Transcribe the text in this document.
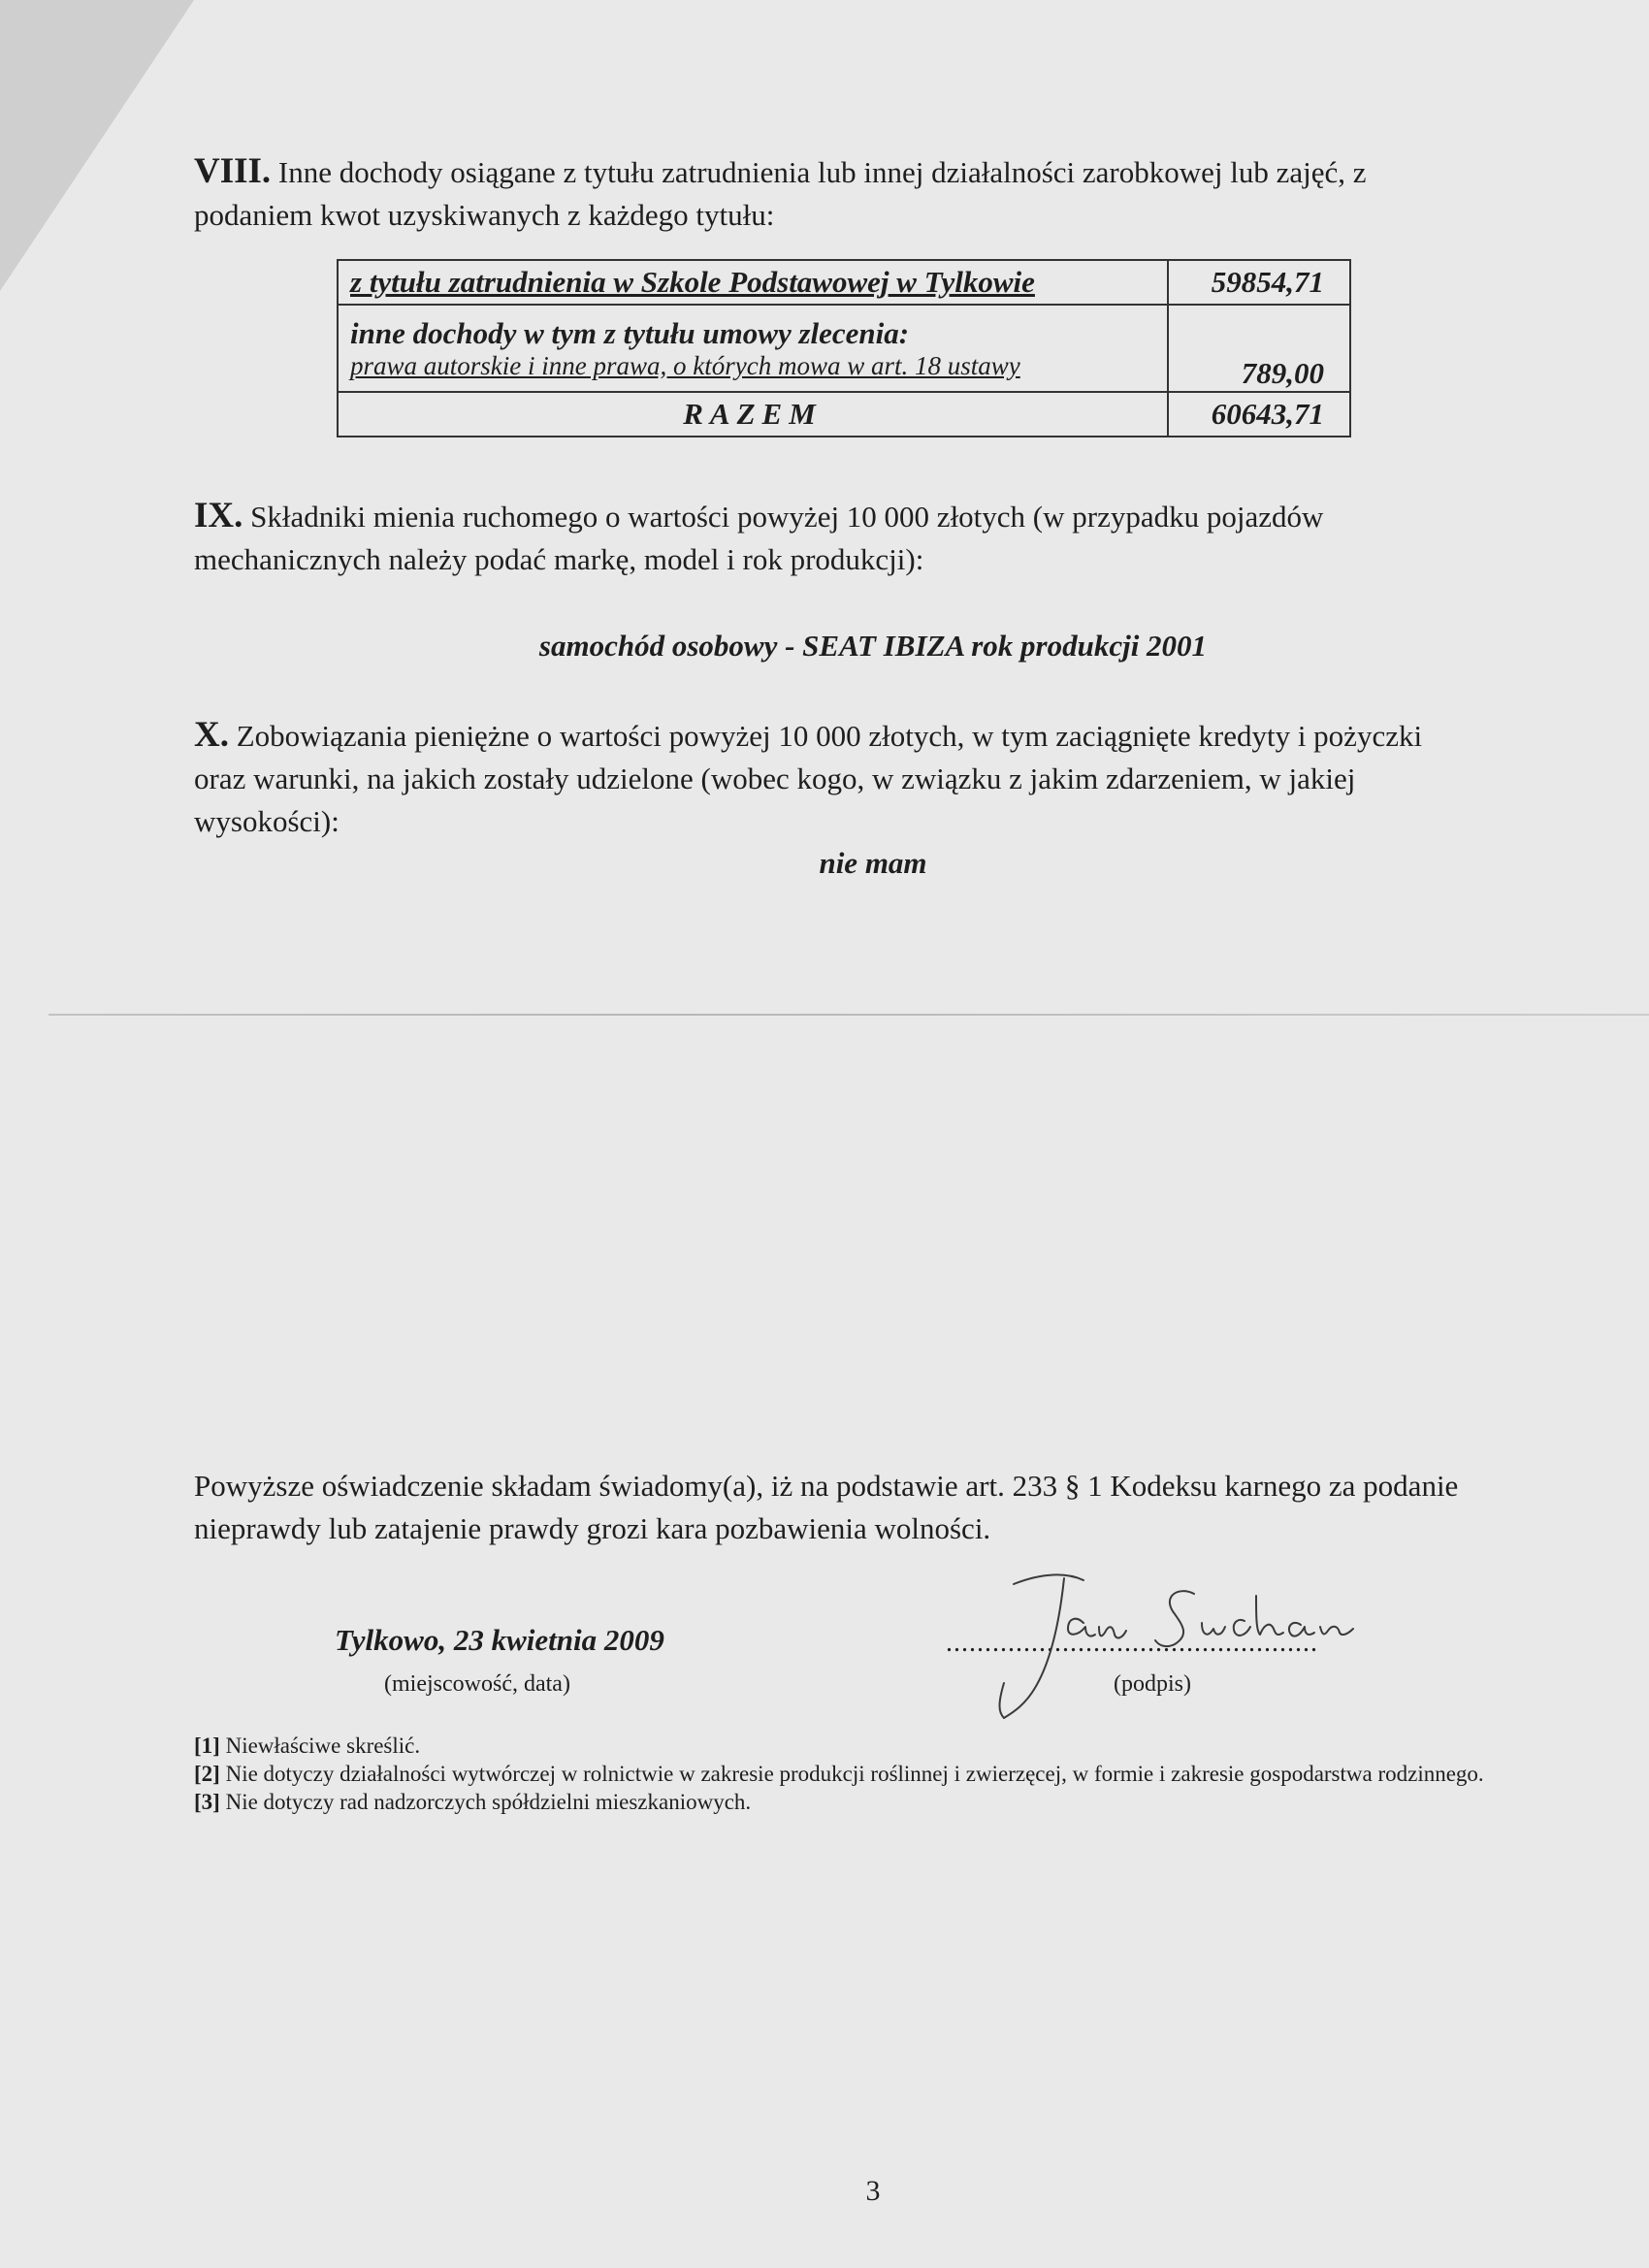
VIII. Inne dochody osiągane z tytułu zatrudnienia lub innej działalności zarobkowej lub zajęć, z podaniem kwot uzyskiwanych z każdego tytułu:

z tytułu zatrudnienia w Szkole Podstawowej w Tylkowie	59854,71

inne dochody w tym z tytułu umowy zlecenia:
prawa autorskie i inne prawa, o których mowa w art. 18 ustawy	789,00
RAZEM	60643,71

IX. Składniki mienia ruchomego o wartości powyżej 10 000 złotych (w przypadku pojazdów mechanicznych należy podać markę, model i rok produkcji):

samochód osobowy - SEAT IBIZA rok produkcji 2001

X. Zobowiązania pieniężne o wartości powyżej 10 000 złotych, w tym zaciągnięte kredyty i pożyczki oraz warunki, na jakich zostały udzielone (wobec kogo, w związku z jakim zdarzeniem, w jakiej wysokości):

nie mam

Powyższe oświadczenie składam świadomy(a), iż na podstawie art. 233 § 1 Kodeksu karnego za podanie nieprawdy lub zatajenie prawdy grozi kara pozbawienia wolności.

Tylkowo, 23 kwietnia 2009
(miejscowość, data)
................................................
(podpis)
[1] Niewłaściwe skreślić.
[2] Nie dotyczy działalności wytwórczej w rolnictwie w zakresie produkcji roślinnej i zwierzęcej, w formie i zakresie gospodarstwa rodzinnego.
[3] Nie dotyczy rad nadzorczych spółdzielni mieszkaniowych.
3
